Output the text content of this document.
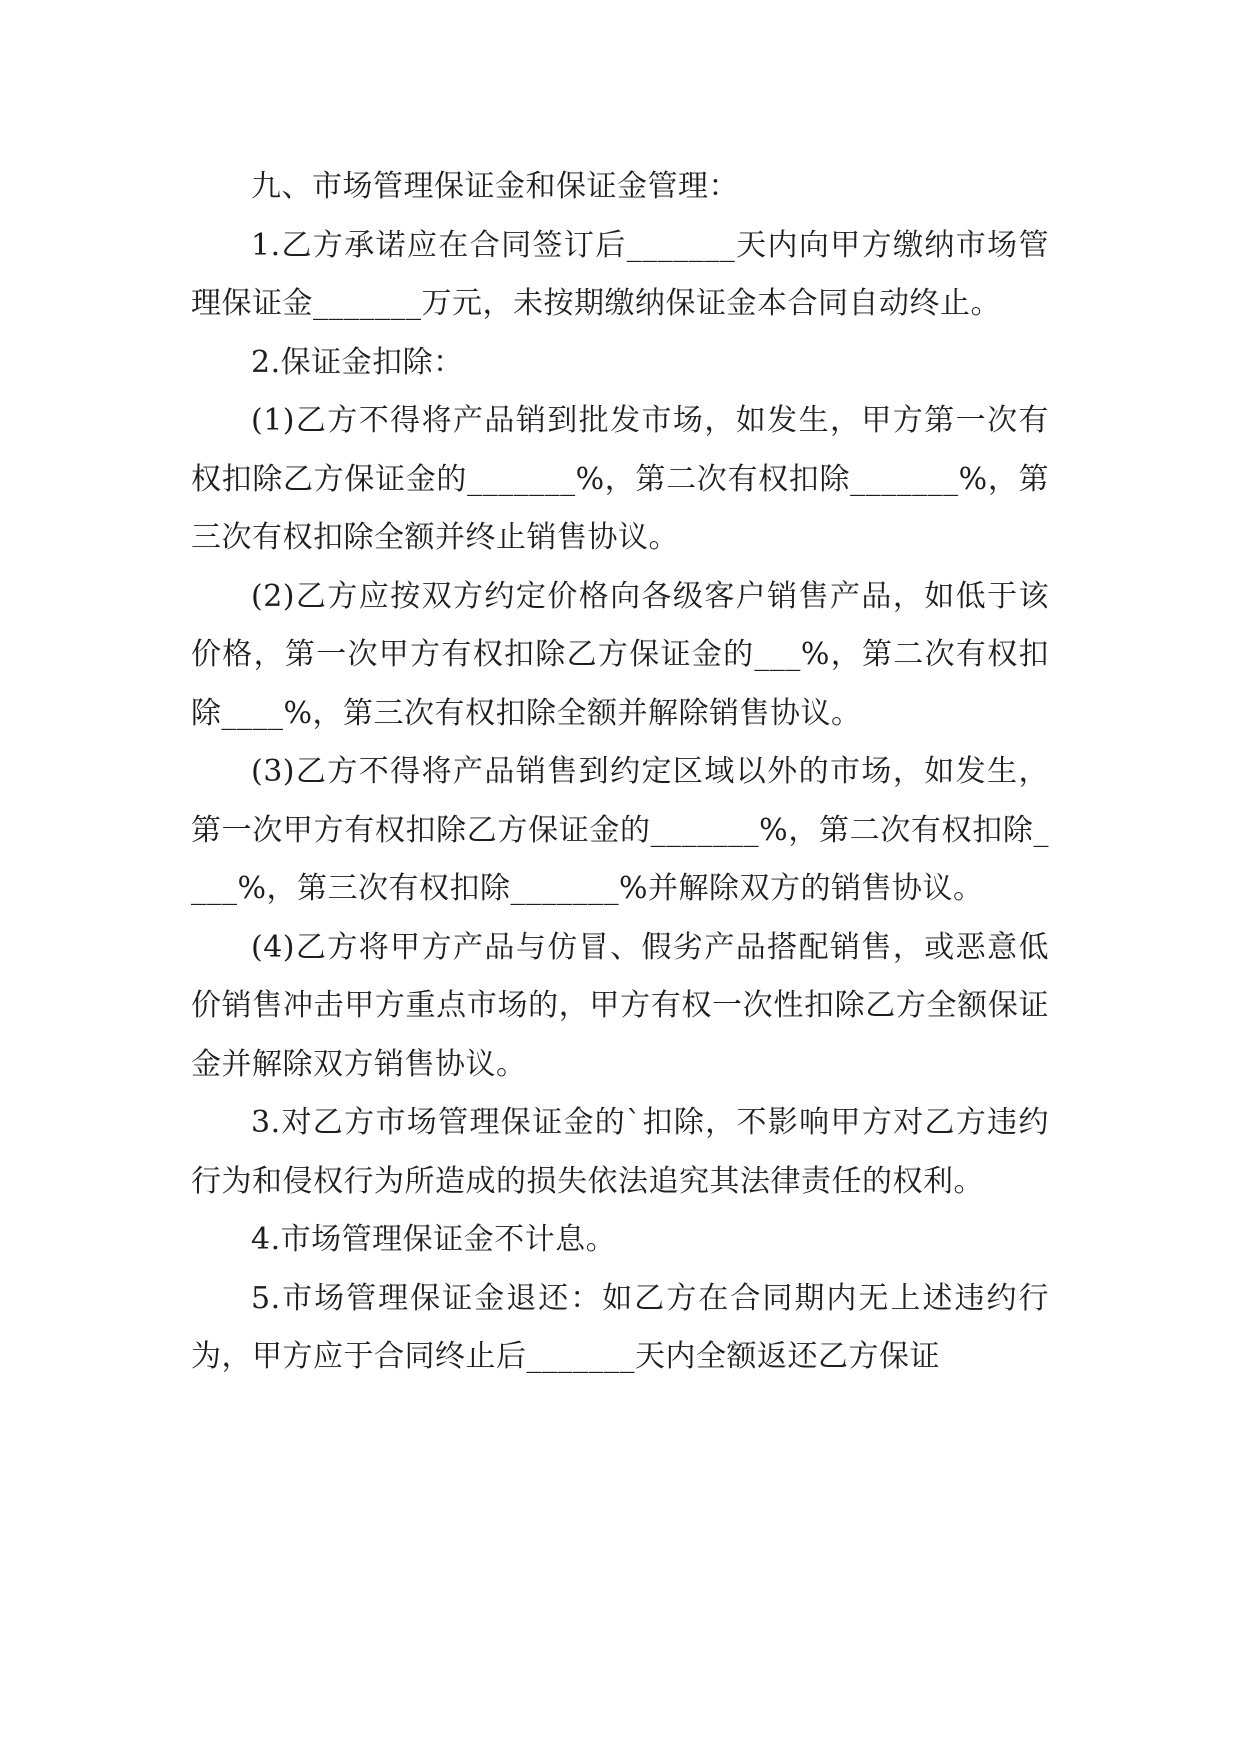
九、市场管理保证金和保证金管理：

1.乙方承诺应在合同签订后_______天内向甲方缴纳市场管理保证金_______万元，未按期缴纳保证金本合同自动终止。

2.保证金扣除：

(1)乙方不得将产品销到批发市场，如发生，甲方第一次有权扣除乙方保证金的_______%，第二次有权扣除_______%，第三次有权扣除全额并终止销售协议。

(2)乙方应按双方约定价格向各级客户销售产品，如低于该价格，第一次甲方有权扣除乙方保证金的___%，第二次有权扣除____%，第三次有权扣除全额并解除销售协议。

(3)乙方不得将产品销售到约定区域以外的市场，如发生，第一次甲方有权扣除乙方保证金的_______%，第二次有权扣除____%，第三次有权扣除_______%并解除双方的销售协议。

(4)乙方将甲方产品与仿冒、假劣产品搭配销售，或恶意低价销售冲击甲方重点市场的，甲方有权一次性扣除乙方全额保证金并解除双方销售协议。

3.对乙方市场管理保证金的`扣除，不影响甲方对乙方违约行为和侵权行为所造成的损失依法追究其法律责任的权利。

4.市场管理保证金不计息。

5.市场管理保证金退还：如乙方在合同期内无上述违约行为，甲方应于合同终止后_______天内全额返还乙方保证
